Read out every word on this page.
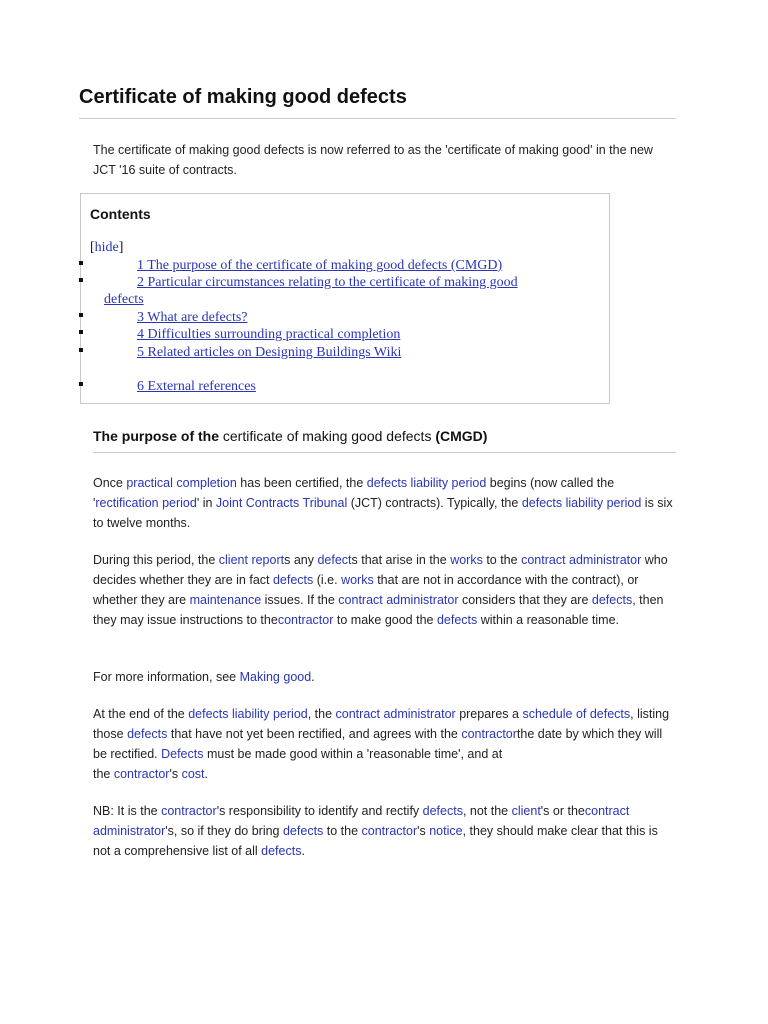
Certificate of making good defects

The certificate of making good defects is now referred to as the 'certificate of making good' in the new JCT '16 suite of contracts.

Contents
[hide]
1 The purpose of the certificate of making good defects (CMGD)
2 Particular circumstances relating to the certificate of making good
defects
3 What are defects?
4 Difficulties surrounding practical completion
5 Related articles on Designing Buildings Wiki
6 External references
The purpose of the certificate of making good defects (CMGD)

Once practical completion has been certified, the defects liability period begins (now called the 'rectification period' in Joint Contracts Tribunal (JCT) contracts). Typically, the defects liability period is six to twelve months.

During this period, the client reports any defects that arise in the works to the contract administrator who decides whether they are in fact defects (i.e. works that are not in accordance with the contract), or whether they are maintenance issues. If the contract administrator considers that they are defects, then they may issue instructions to thecontractor to make good the defects within a reasonable time.

For more information, see Making good.

At the end of the defects liability period, the contract administrator prepares a schedule of defects, listing those defects that have not yet been rectified, and agrees with the contractorthe date by which they will be rectified. Defects must be made good within a 'reasonable time', and at
the contractor's cost.

NB: It is the contractor's responsibility to identify and rectify defects, not the client's or thecontract administrator's, so if they do bring defects to the contractor's notice, they should make clear that this is not a comprehensive list of all defects.
